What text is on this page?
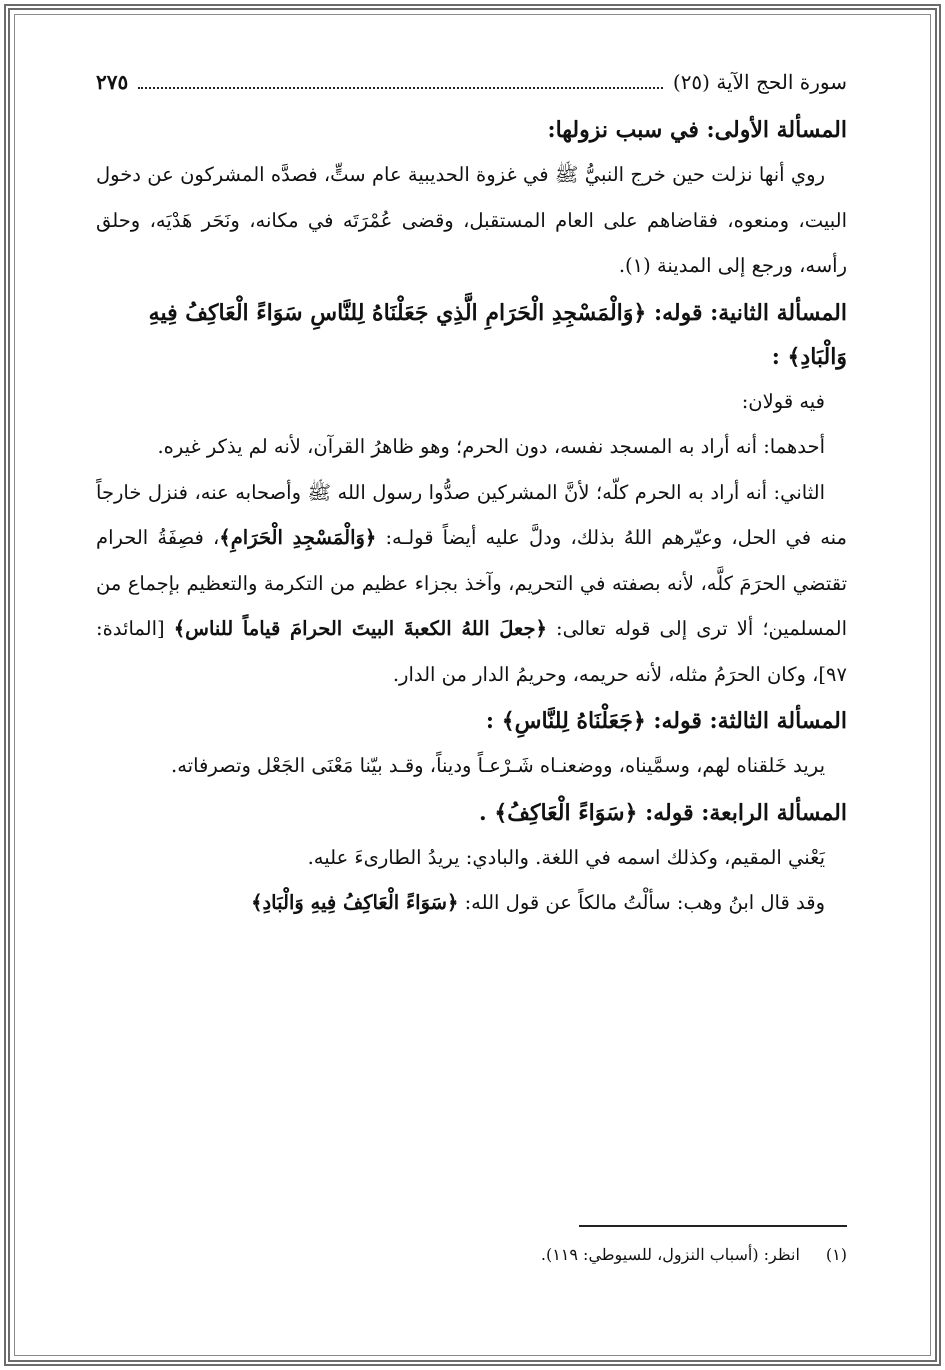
سورة الحج الآية (٢٥)
٢٧٥
المسألة الأولى: في سبب نزولها:

روي أنها نزلت حين خرج النبيُّ ﷺ في غزوة الحديبية عام ستٍّ، فصدَّه المشركون عن دخول البيت، ومنعوه، فقاضاهم على العام المستقبل، وقضى عُمْرَتَه في مكانه، ونَحَر هَدْيَه، وحلق رأسه، ورجع إلى المدينة (١).

المسألة الثانية: قوله: ﴿وَالْمَسْجِدِ الْحَرَامِ الَّذِي جَعَلْنَاهُ لِلنَّاسِ سَوَاءً الْعَاكِفُ فِيهِ وَالْبَادِ﴾ :

فيه قولان:

أحدهما: أنه أراد به المسجد نفسه، دون الحرم؛ وهو ظاهرُ القرآن، لأنه لم يذكر غيره.

الثاني: أنه أراد به الحرم كلّه؛ لأنَّ المشركين صدُّوا رسول الله ﷺ وأصحابه عنه، فنزل خارجاً منه في الحل، وعيّرهم اللهُ بذلك، ودلَّ عليه أيضاً قولـه: ﴿وَالْمَسْجِدِ الْحَرَامِ﴾، فصِفَةُ الحرام تقتضي الحرَمَ كلَّه، لأنه بصفته في التحريم، وآخذ بجزاء عظيم من التكرمة والتعظيم بإجماع من المسلمين؛ ألا ترى إلى قوله تعالى: ﴿جعلَ اللهُ الكعبةَ البيتَ الحرامَ قياماً للناس﴾ [المائدة: ٩٧]، وكان الحرَمُ مثله، لأنه حريمه، وحريمُ الدار من الدار.

المسألة الثالثة: قوله: ﴿جَعَلْنَاهُ لِلنَّاسِ﴾ :

يريد خَلقناه لهم، وسمَّيناه، ووضعنـاه شَـرْعـاً وديناً، وقـد بيّنا مَعْنَى الجَعْل وتصرفاته.

المسألة الرابعة: قوله: ﴿سَوَاءً الْعَاكِفُ﴾ .

يَعْني المقيم، وكذلك اسمه في اللغة. والبادي: يريدُ الطارىءَ عليه.

وقد قال ابنُ وهب: سألْتُ مالكاً عن قول الله: ﴿سَوَاءً الْعَاكِفُ فِيهِ وَالْبَادِ﴾

(١)
انظر: (أسباب النزول، للسيوطي: ١١٩).
